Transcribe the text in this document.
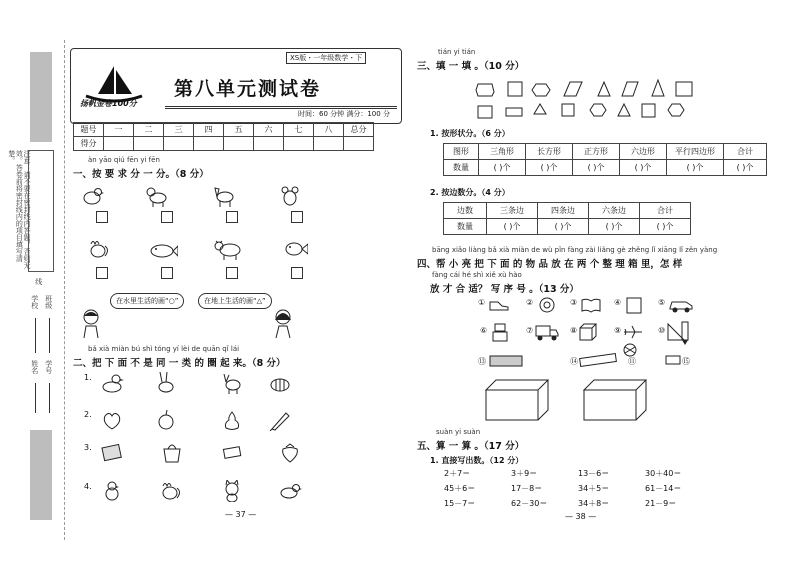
注意：请不要在密封线内答题，否则无效。答卷前将密封线内的项目填写清楚。
线
学校 班级
姓名 学号
扬帆金卷100分
XS版・一年级数学・下
第八单元测试卷
时间：60 分钟 满分：100 分
题号	一	二	三	四	五	六	七	八	总分
得分									
àn yāo qiú fēn yi fēn
一、按 要 求 分 一 分。（8 分）
在水里生活的画“○”	在地上生活的画“△”
bǎ xià miàn bú shì tóng yí lèi de quān qǐ lái
二、把 下 面 不 是 同 一 类 的 圈 起 来。（8 分）
1.
2.
3.
4.
— 37 —
tián yi tián
三、填 一 填 。（10 分）
1. 按形状分。（6 分）
图形	三角形	长方形	正方形	六边形	平行四边形	合计
数量	( )个	( )个	( )个	( )个	( )个	( )个
2. 按边数分。（4 分）
边数	三条边	四条边	六条边	合计
数量	( )个	( )个	( )个	( )个
bāng xiǎo liàng bǎ xià miàn de wù pǐn fàng zài liǎng gè zhěng lǐ xiāng lǐ zěn yàng
四、帮 小 亮 把 下 面 的 物 品 放 在 两 个 整 理 箱 里，怎 样
fàng cái hé shì xiě xù hào
放 才 合 适？ 写 序 号 。（13 分）
①	②	③	④	⑤
⑥	⑦	⑧	⑨	⑩
⑬	⑭	⑪	⑮
suàn yi suàn
五、算 一 算 。（17 分）
1. 直接写出数。（12 分）
2＋7＝	3＋9＝	13－6＝	30＋40＝
45＋6＝	17－8＝	34＋5＝	61－14＝
15－7＝	62－30＝	34＋8＝	21－9＝
— 38 —
